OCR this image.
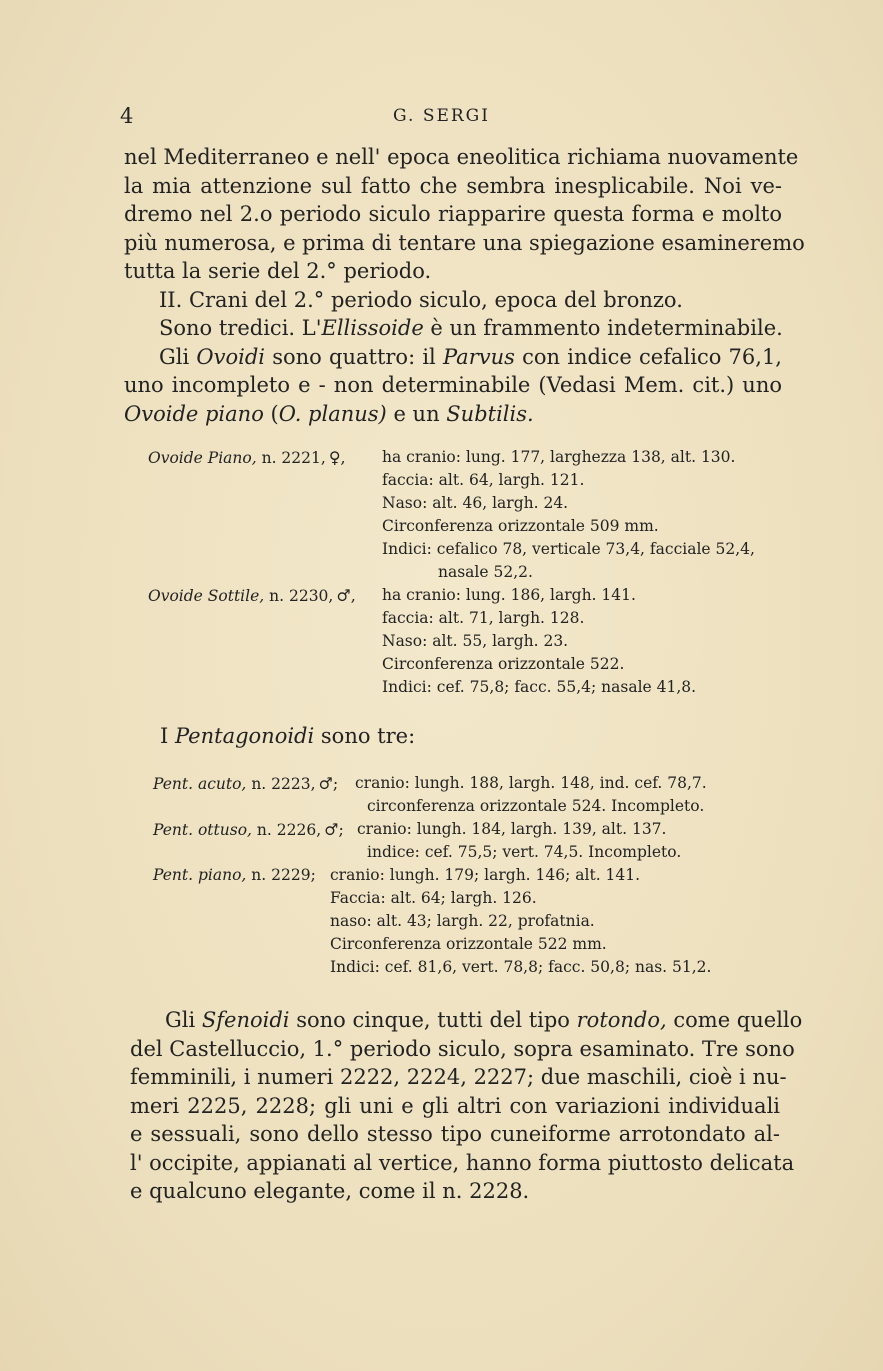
4	G. SERGI
nel Mediterraneo e nell' epoca eneolitica richiama nuovamente
la mia attenzione sul fatto che sembra inesplicabile. Noi ve-
dremo nel 2.o periodo siculo riapparire questa forma e molto
più numerosa, e prima di tentare una spiegazione esamineremo
tutta la serie del 2.° periodo.
II. Crani del 2.° periodo siculo, epoca del bronzo.
Sono tredici. L'Ellissoide è un frammento indeterminabile.
Gli Ovoidi sono quattro: il Parvus con indice cefalico 76,1,
uno incompleto e - non determinabile (Vedasi Mem. cit.) uno
Ovoide piano (O. planus) e un Subtilis.
Ovoide Piano, n. 2221, ♀, ha cranio: lung. 177, larghezza 138, alt. 130.
faccia: alt. 64, largh. 121.
Naso: alt. 46, largh. 24.
Circonferenza orizzontale 509 mm.
Indici: cefalico 78, verticale 73,4, facciale 52,4,
nasale 52,2.
Ovoide Sottile, n. 2230, ♂, ha cranio: lung. 186, largh. 141.
faccia: alt. 71, largh. 128.
Naso: alt. 55, largh. 23.
Circonferenza orizzontale 522.
Indici: cef. 75,8; facc. 55,4; nasale 41,8.
I Pentagonoidi sono tre:
Pent. acuto, n. 2223, ♂; cranio: lungh. 188, largh. 148, ind. cef. 78,7.
circonferenza orizzontale 524. Incompleto.
Pent. ottuso, n. 2226, ♂; cranio: lungh. 184, largh. 139, alt. 137.
indice: cef. 75,5; vert. 74,5. Incompleto.
Pent. piano, n. 2229; cranio: lungh. 179; largh. 146; alt. 141.
Faccia: alt. 64; largh. 126.
naso: alt. 43; largh. 22, profatnia.
Circonferenza orizzontale 522 mm.
Indici: cef. 81,6, vert. 78,8; facc. 50,8; nas. 51,2.
Gli Sfenoidi sono cinque, tutti del tipo rotondo, come quello
del Castelluccio, 1.° periodo siculo, sopra esaminato. Tre sono
femminili, i numeri 2222, 2224, 2227; due maschili, cioè i nu-
meri 2225, 2228; gli uni e gli altri con variazioni individuali
e sessuali, sono dello stesso tipo cuneiforme arrotondato al-
l' occipite, appianati al vertice, hanno forma piuttosto delicata
e qualcuno elegante, come il n. 2228.
